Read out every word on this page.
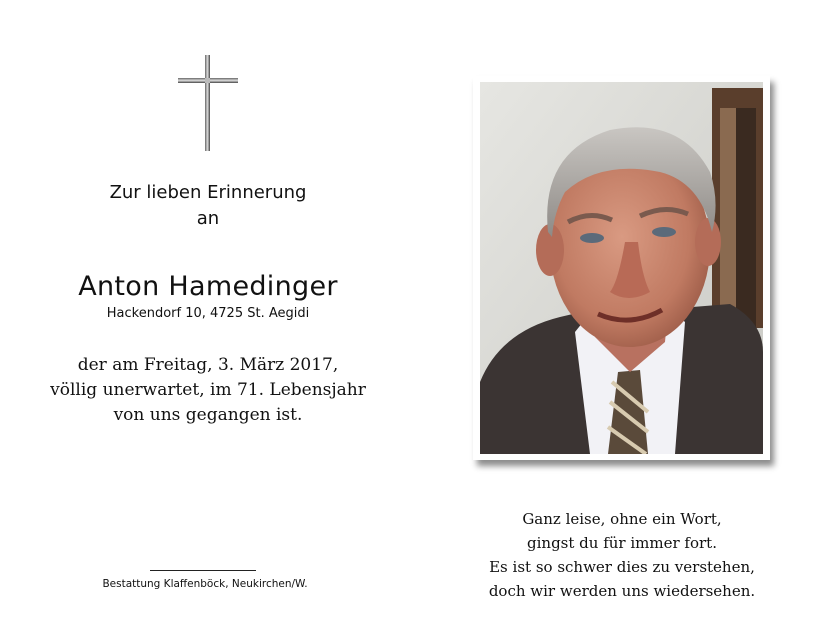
Zur lieben Erinnerung
an
Anton Hamedinger
Hackendorf 10, 4725 St. Aegidi
der am Freitag, 3. März 2017,
völlig unerwartet, im 71. Lebensjahr
von uns gegangen ist.
Bestattung Klaffenböck, Neukirchen/W.
Ganz leise, ohne ein Wort,
gingst du für immer fort.
Es ist so schwer dies zu verstehen,
doch wir werden uns wiedersehen.
